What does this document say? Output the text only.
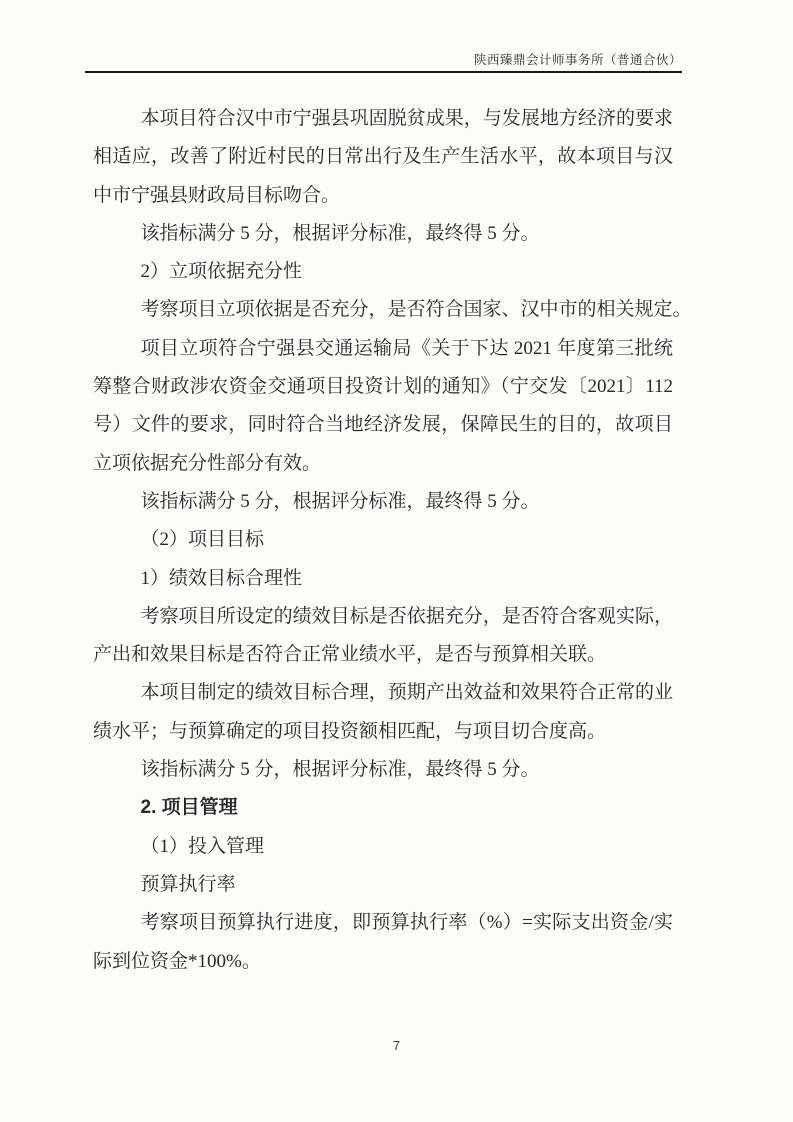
陕西臻鼎会计师事务所（普通合伙）

本项目符合汉中市宁强县巩固脱贫成果，与发展地方经济的要求相适应，改善了附近村民的日常出行及生产生活水平，故本项目与汉中市宁强县财政局目标吻合。

该指标满分 5 分，根据评分标准，最终得 5 分。

2）立项依据充分性

考察项目立项依据是否充分，是否符合国家、汉中市的相关规定。

项目立项符合宁强县交通运输局《关于下达 2021 年度第三批统筹整合财政涉农资金交通项目投资计划的通知》（宁交发〔2021〕112号）文件的要求，同时符合当地经济发展，保障民生的目的，故项目立项依据充分性部分有效。

该指标满分 5 分，根据评分标准，最终得 5 分。

（2）项目目标

1）绩效目标合理性

考察项目所设定的绩效目标是否依据充分，是否符合客观实际，产出和效果目标是否符合正常业绩水平，是否与预算相关联。

本项目制定的绩效目标合理，预期产出效益和效果符合正常的业绩水平；与预算确定的项目投资额相匹配，与项目切合度高。

该指标满分 5 分，根据评分标准，最终得 5 分。

2. 项目管理

（1）投入管理

预算执行率

考察项目预算执行进度，即预算执行率（%）=实际支出资金/实际到位资金*100%。

7
